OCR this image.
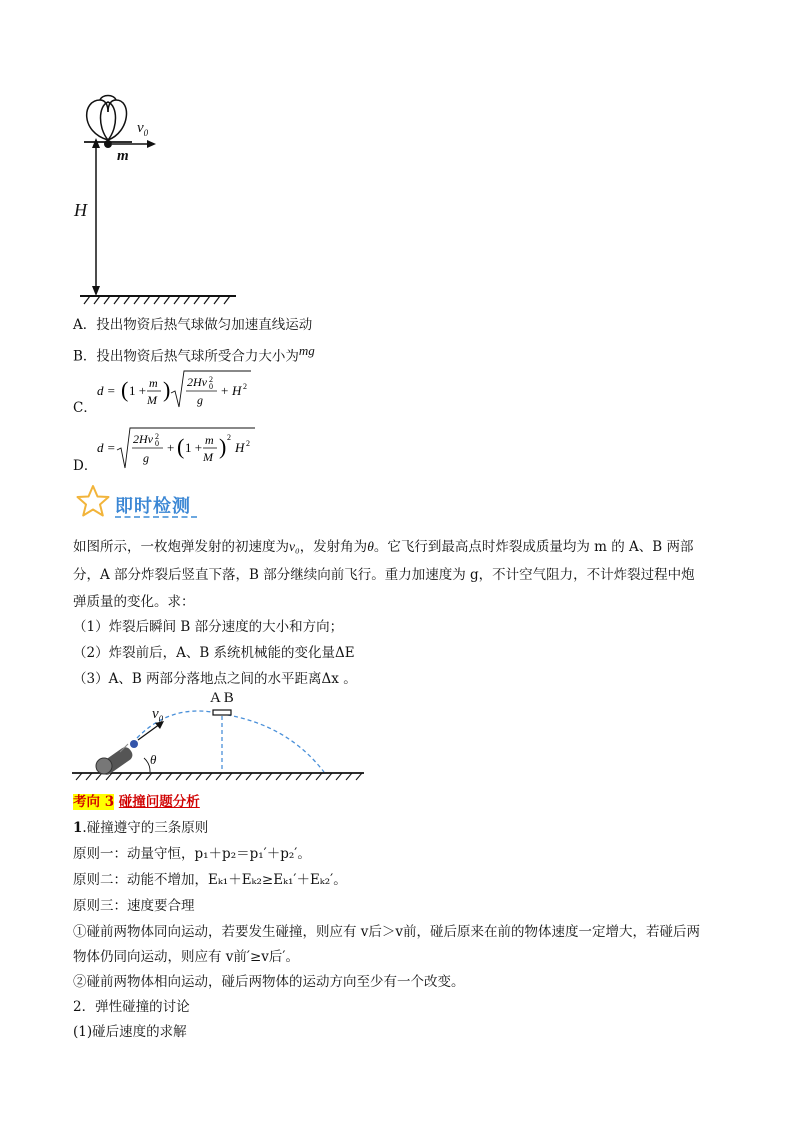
$v_0$
m
H
A．投出物资后热气球做匀加速直线运动
B．投出物资后热气球所受合力大小为$^{mg}$
d = ( 1 + m
M ) 2Hv 2
0
g
+ H 2
C．
d =
2Hv 2
0
g
+ ( 1 + m
M ) 2
H 2
D．
即时检测
如图所示，一枚炮弹发射的初速度为v₀，发射角为θ。它飞行到最高点时炸裂成质量均为 m 的 A、B 两部
分，A 部分炸裂后竖直下落，B 部分继续向前飞行。重力加速度为 g，不计空气阻力，不计炸裂过程中炮
弹质量的变化。求：
（1）炸裂后瞬间 B 部分速度的大小和方向；
（2）炸裂前后，A、B 系统机械能的变化量ΔE
（3）A、B 两部分落地点之间的水平距离Δx 。
A B
$v_0$
θ
考向 3 碰撞问题分析
1.碰撞遵守的三条原则
原则一：动量守恒，p₁＋p₂＝p₁′＋p₂′。
原则二：动能不增加，Eₖ₁＋Eₖ₂≥Eₖ₁′＋Eₖ₂′。
原则三：速度要合理
①碰前两物体同向运动，若要发生碰撞，则应有 v后＞v前，碰后原来在前的物体速度一定增大，若碰后两
物体仍同向运动，则应有 v前′≥v后′。
②碰前两物体相向运动，碰后两物体的运动方向至少有一个改变。
2．弹性碰撞的讨论
(1)碰后速度的求解
